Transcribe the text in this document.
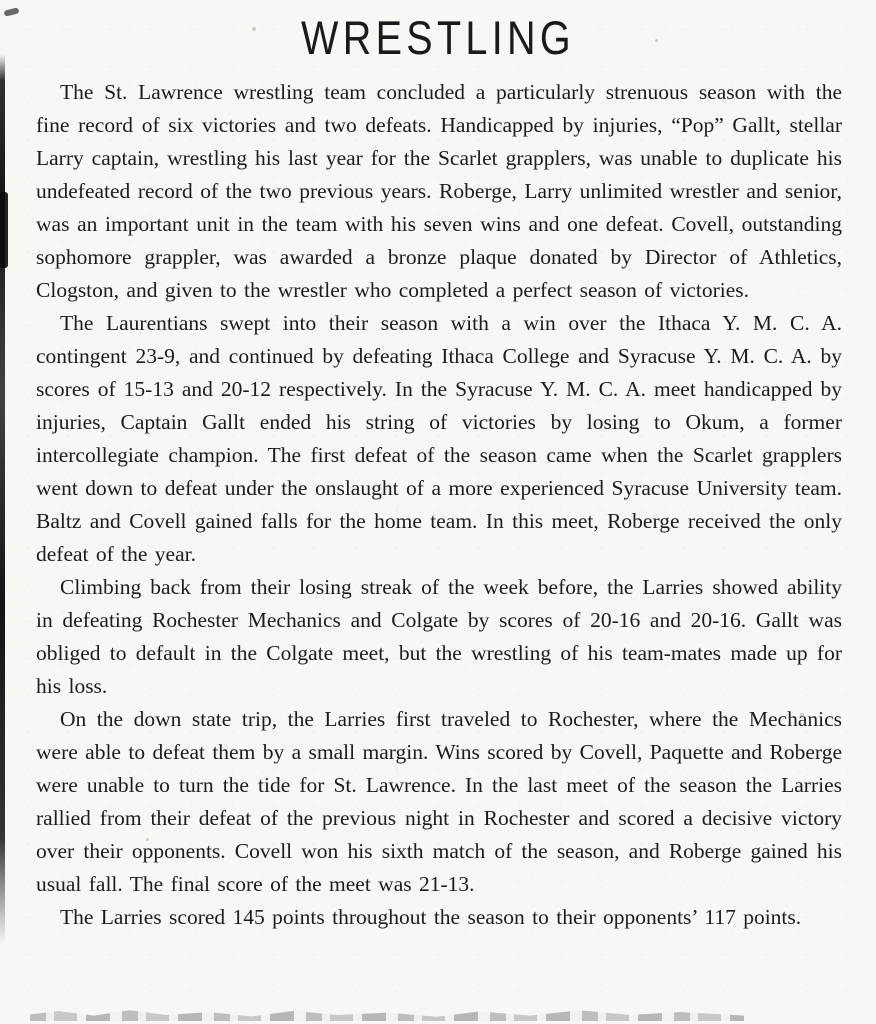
WRESTLING

The St. Lawrence wrestling team concluded a particularly strenuous season with the fine record of six victories and two defeats. Handicapped by injuries, “Pop” Gallt, stellar Larry captain, wrestling his last year for the Scarlet grapplers, was unable to duplicate his undefeated record of the two previous years. Roberge, Larry unlimited wrestler and senior, was an important unit in the team with his seven wins and one defeat. Covell, outstanding sophomore grappler, was awarded a bronze plaque donated by Director of Athletics, Clogston, and given to the wrestler who completed a perfect season of victories.

The Laurentians swept into their season with a win over the Ithaca Y. M. C. A. contingent 23-9, and continued by defeating Ithaca College and Syracuse Y. M. C. A. by scores of 15-13 and 20-12 respectively. In the Syracuse Y. M. C. A. meet handicapped by injuries, Captain Gallt ended his string of victories by losing to Okum, a former intercollegiate champion. The first defeat of the season came when the Scarlet grapplers went down to defeat under the onslaught of a more experienced Syracuse University team. Baltz and Covell gained falls for the home team. In this meet, Roberge received the only defeat of the year.

Climbing back from their losing streak of the week before, the Larries showed ability in defeating Rochester Mechanics and Colgate by scores of 20-16 and 20-16. Gallt was obliged to default in the Colgate meet, but the wrestling of his team-mates made up for his loss.

On the down state trip, the Larries first traveled to Rochester, where the Mechanics were able to defeat them by a small margin. Wins scored by Covell, Paquette and Roberge were unable to turn the tide for St. Lawrence. In the last meet of the season the Larries rallied from their defeat of the previous night in Rochester and scored a decisive victory over their opponents. Covell won his sixth match of the season, and Roberge gained his usual fall. The final score of the meet was 21-13.

The Larries scored 145 points throughout the season to their opponents’ 117 points.
